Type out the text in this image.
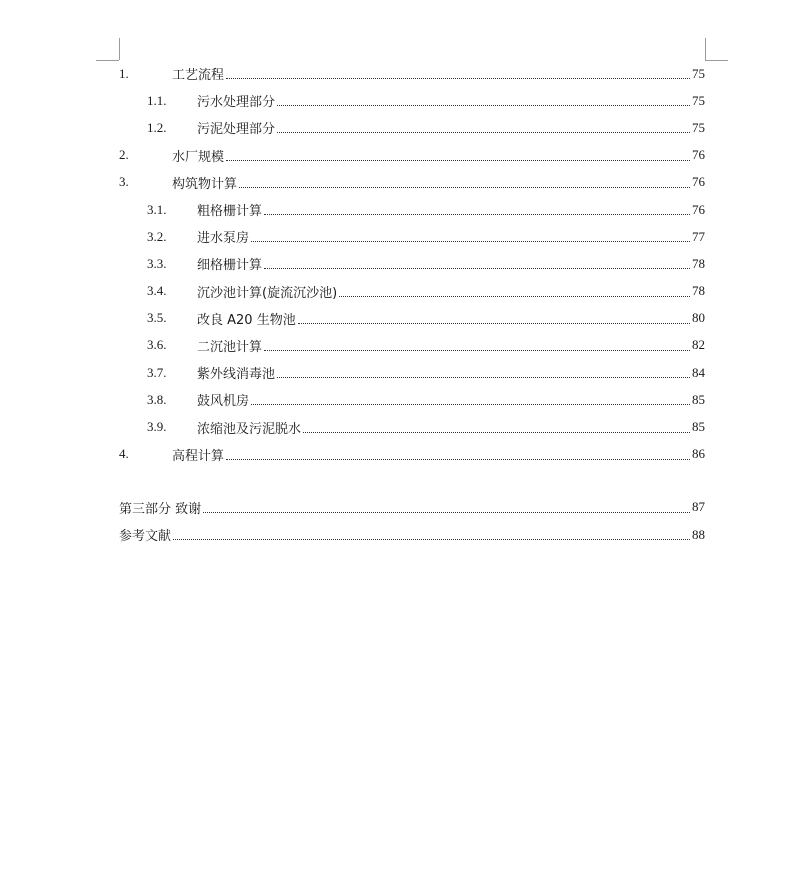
1.	工艺流程	75
1.1.	污水处理部分	75
1.2.	污泥处理部分	75
2.	水厂规模	76
3.	构筑物计算	76
3.1.	粗格栅计算	76
3.2.	进水泵房	77
3.3.	细格栅计算	78
3.4.	沉沙池计算(旋流沉沙池)	78
3.5.	改良 A20 生物池	80
3.6.	二沉池计算	82
3.7.	紫外线消毒池	84
3.8.	鼓风机房	85
3.9.	浓缩池及污泥脱水	85
4.	高程计算	86
第三部分 致谢	87
参考文献	88
